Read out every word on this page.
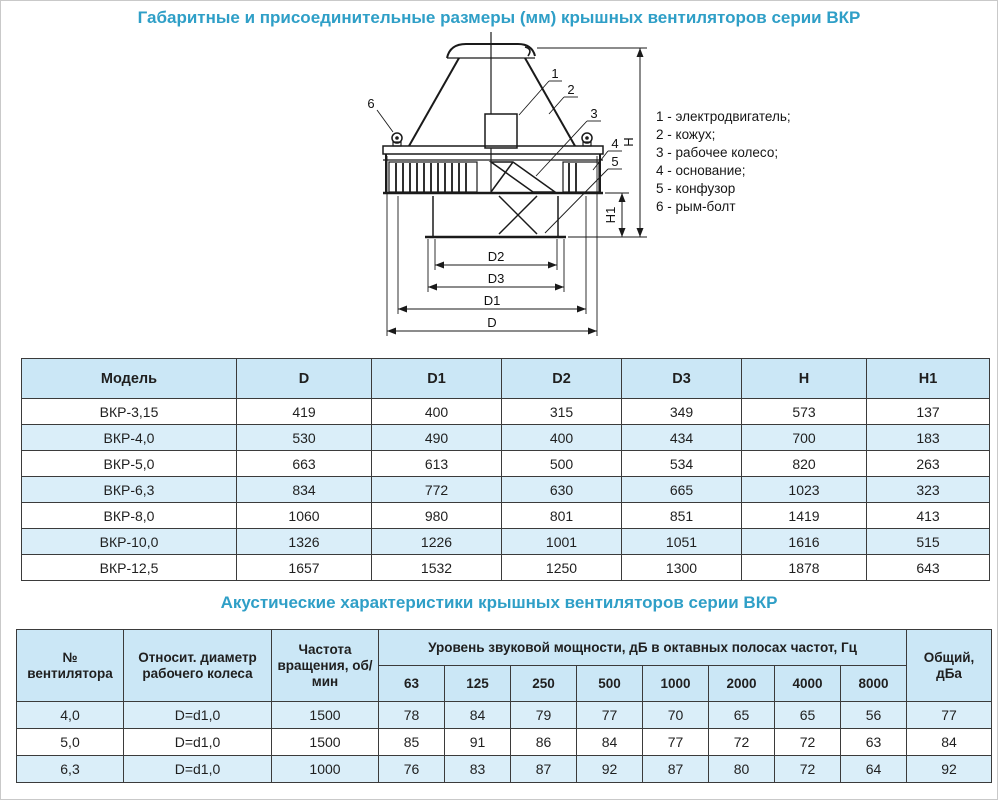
Габаритные и присоединительные размеры (мм) крышных вентиляторов серии ВКР
D2
D3
D1
D
H1
H
6
1
2
3
4
5
1 - электродвигатель;
2 - кожух;
3 - рабочее колесо;
4 - основание;
5 - конфузор
6 - рым-болт
Модель	D	D1	D2	D3	H	H1
ВКР-3,15	419	400	315	349	573	137
ВКР-4,0	530	490	400	434	700	183
ВКР-5,0	663	613	500	534	820	263
ВКР-6,3	834	772	630	665	1023	323
ВКР-8,0	1060	980	801	851	1419	413
ВКР-10,0	1326	1226	1001	1051	1616	515
ВКР-12,5	1657	1532	1250	1300	1878	643
Акустические характеристики крышных вентиляторов серии ВКР
№ вентилятора	Относит. диаметр рабочего колеса	Частота вращения, об/мин	Уровень звуковой мощности, дБ в октавных полосах частот, Гц								Общий, дБа
			63	125	250	500	1000	2000	4000	8000	
4,0	D=d1,0	1500	78	84	79	77	70	65	65	56	77
5,0	D=d1,0	1500	85	91	86	84	77	72	72	63	84
6,3	D=d1,0	1000	76	83	87	92	87	80	72	64	92
